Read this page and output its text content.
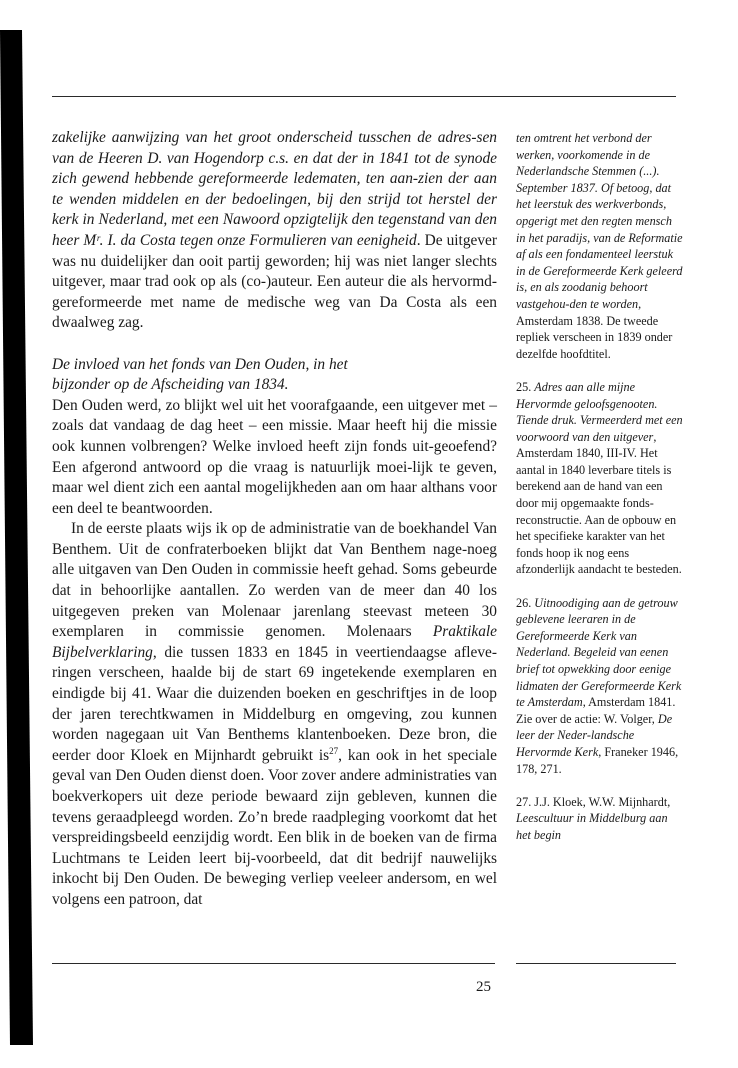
zakelijke aanwijzing van het groot onderscheid tusschen de adres-sen van de Heeren D. van Hogendorp c.s. en dat der in 1841 tot de synode zich gewend hebbende gereformeerde ledematen, ten aan-zien der aan te wenden middelen en der bedoelingen, bij den strijd tot herstel der kerk in Nederland, met een Nawoord opzigtelijk den tegenstand van den heer Mʳ. I. da Costa tegen onze Formulieren van eenigheid. De uitgever was nu duidelijker dan ooit partij geworden; hij was niet langer slechts uitgever, maar trad ook op als (co-)auteur. Een auteur die als hervormd-gereformeerde met name de medische weg van Da Costa als een dwaalweg zag.

De invloed van het fonds van Den Ouden, in het
bijzonder op de Afscheiding van 1834.

Den Ouden werd, zo blijkt wel uit het voorafgaande, een uitgever met – zoals dat vandaag de dag heet – een missie. Maar heeft hij die missie ook kunnen volbrengen? Welke invloed heeft zijn fonds uit-geoefend? Een afgerond antwoord op die vraag is natuurlijk moei-lijk te geven, maar wel dient zich een aantal mogelijkheden aan om haar althans voor een deel te beantwoorden.

In de eerste plaats wijs ik op de administratie van de boekhandel Van Benthem. Uit de confraterboeken blijkt dat Van Benthem nage-noeg alle uitgaven van Den Ouden in commissie heeft gehad. Soms gebeurde dat in behoorlijke aantallen. Zo werden van de meer dan 40 los uitgegeven preken van Molenaar jarenlang steevast meteen 30 exemplaren in commissie genomen. Molenaars Praktikale Bijbelverklaring, die tussen 1833 en 1845 in veertiendaagse afleve-ringen verscheen, haalde bij de start 69 ingetekende exemplaren en eindigde bij 41. Waar die duizenden boeken en geschriftjes in de loop der jaren terechtkwamen in Middelburg en omgeving, zou kunnen worden nagegaan uit Van Benthems klantenboeken. Deze bron, die eerder door Kloek en Mijnhardt gebruikt $is^{27}$, kan ook in het speciale geval van Den Ouden dienst doen. Voor zover andere administraties van boekverkopers uit deze periode bewaard zijn gebleven, kunnen die tevens geraadpleegd worden. Zo’n brede raadpleging voorkomt dat het verspreidingsbeeld eenzijdig wordt. Een blik in de boeken van de firma Luchtmans te Leiden leert bij-voorbeeld, dat dit bedrijf nauwelijks inkocht bij Den Ouden. De beweging verliep veeleer andersom, en wel volgens een patroon, dat

ten omtrent het verbond der werken, voorkomende in de Nederlandsche Stemmen (...). September 1837. Of betoog, dat het leerstuk des werkverbonds, opgerigt met den regten mensch in het paradijs, van de Reformatie af als een fondamenteel leerstuk in de Gereformeerde Kerk geleerd is, en als zoodanig behoort vastgehou-den te worden, Amsterdam 1838. De tweede repliek verscheen in 1839 onder dezelfde hoofdtitel.

25. Adres aan alle mijne Hervormde geloofsgenooten. Tiende druk. Vermeerderd met een voorwoord van den uitgever, Amsterdam 1840, III-IV. Het aantal in 1840 leverbare titels is berekend aan de hand van een door mij opgemaakte fonds-reconstructie. Aan de opbouw en het specifieke karakter van het fonds hoop ik nog eens afzonderlijk aandacht te besteden.

26. Uitnoodiging aan de getrouw geblevene leeraren in de Gereformeerde Kerk van Nederland. Begeleid van eenen brief tot opwekking door eenige lidmaten der Gereformeerde Kerk te Amsterdam, Amsterdam 1841. Zie over de actie: W. Volger, De leer der Neder-landsche Hervormde Kerk, Franeker 1946, 178, 271.

27. J.J. Kloek, W.W. Mijnhardt, Leescultuur in Middelburg aan het begin

25
